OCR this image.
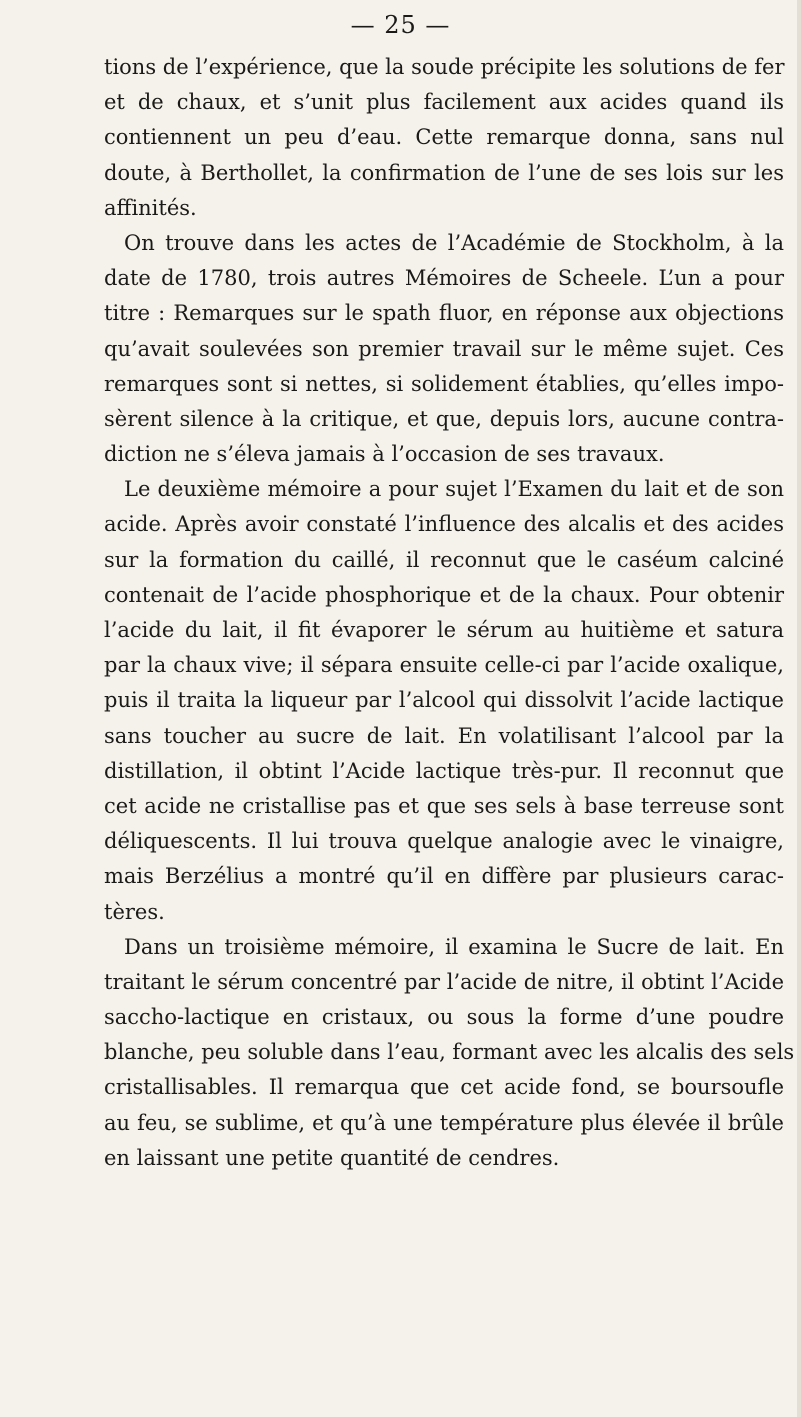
— 25 —
tions de l’expérience, que la soude précipite les solutions de fer
et de chaux, et s’unit plus facilement aux acides quand ils
contiennent un peu d’eau. Cette remarque donna, sans nul
doute, à Berthollet, la confirmation de l’une de ses lois sur les
affinités.
On trouve dans les actes de l’Académie de Stockholm, à la
date de 1780, trois autres Mémoires de Scheele. L’un a pour
titre : Remarques sur le spath fluor, en réponse aux objections
qu’avait soulevées son premier travail sur le même sujet. Ces
remarques sont si nettes, si solidement établies, qu’elles impo-
sèrent silence à la critique, et que, depuis lors, aucune contra-
diction ne s’éleva jamais à l’occasion de ses travaux.
Le deuxième mémoire a pour sujet l’Examen du lait et de son
acide. Après avoir constaté l’influence des alcalis et des acides
sur la formation du caillé, il reconnut que le caséum calciné
contenait de l’acide phosphorique et de la chaux. Pour obtenir
l’acide du lait, il fit évaporer le sérum au huitième et satura
par la chaux vive; il sépara ensuite celle-ci par l’acide oxalique,
puis il traita la liqueur par l’alcool qui dissolvit l’acide lactique
sans toucher au sucre de lait. En volatilisant l’alcool par la
distillation, il obtint l’Acide lactique très-pur. Il reconnut que
cet acide ne cristallise pas et que ses sels à base terreuse sont
déliquescents. Il lui trouva quelque analogie avec le vinaigre,
mais Berzélius a montré qu’il en diffère par plusieurs carac-
tères.
Dans un troisième mémoire, il examina le Sucre de lait. En
traitant le sérum concentré par l’acide de nitre, il obtint l’Acide
saccho-lactique en cristaux, ou sous la forme d’une poudre
blanche, peu soluble dans l’eau, formant avec les alcalis des sels
cristallisables. Il remarqua que cet acide fond, se boursoufle
au feu, se sublime, et qu’à une température plus élevée il brûle
en laissant une petite quantité de cendres.
